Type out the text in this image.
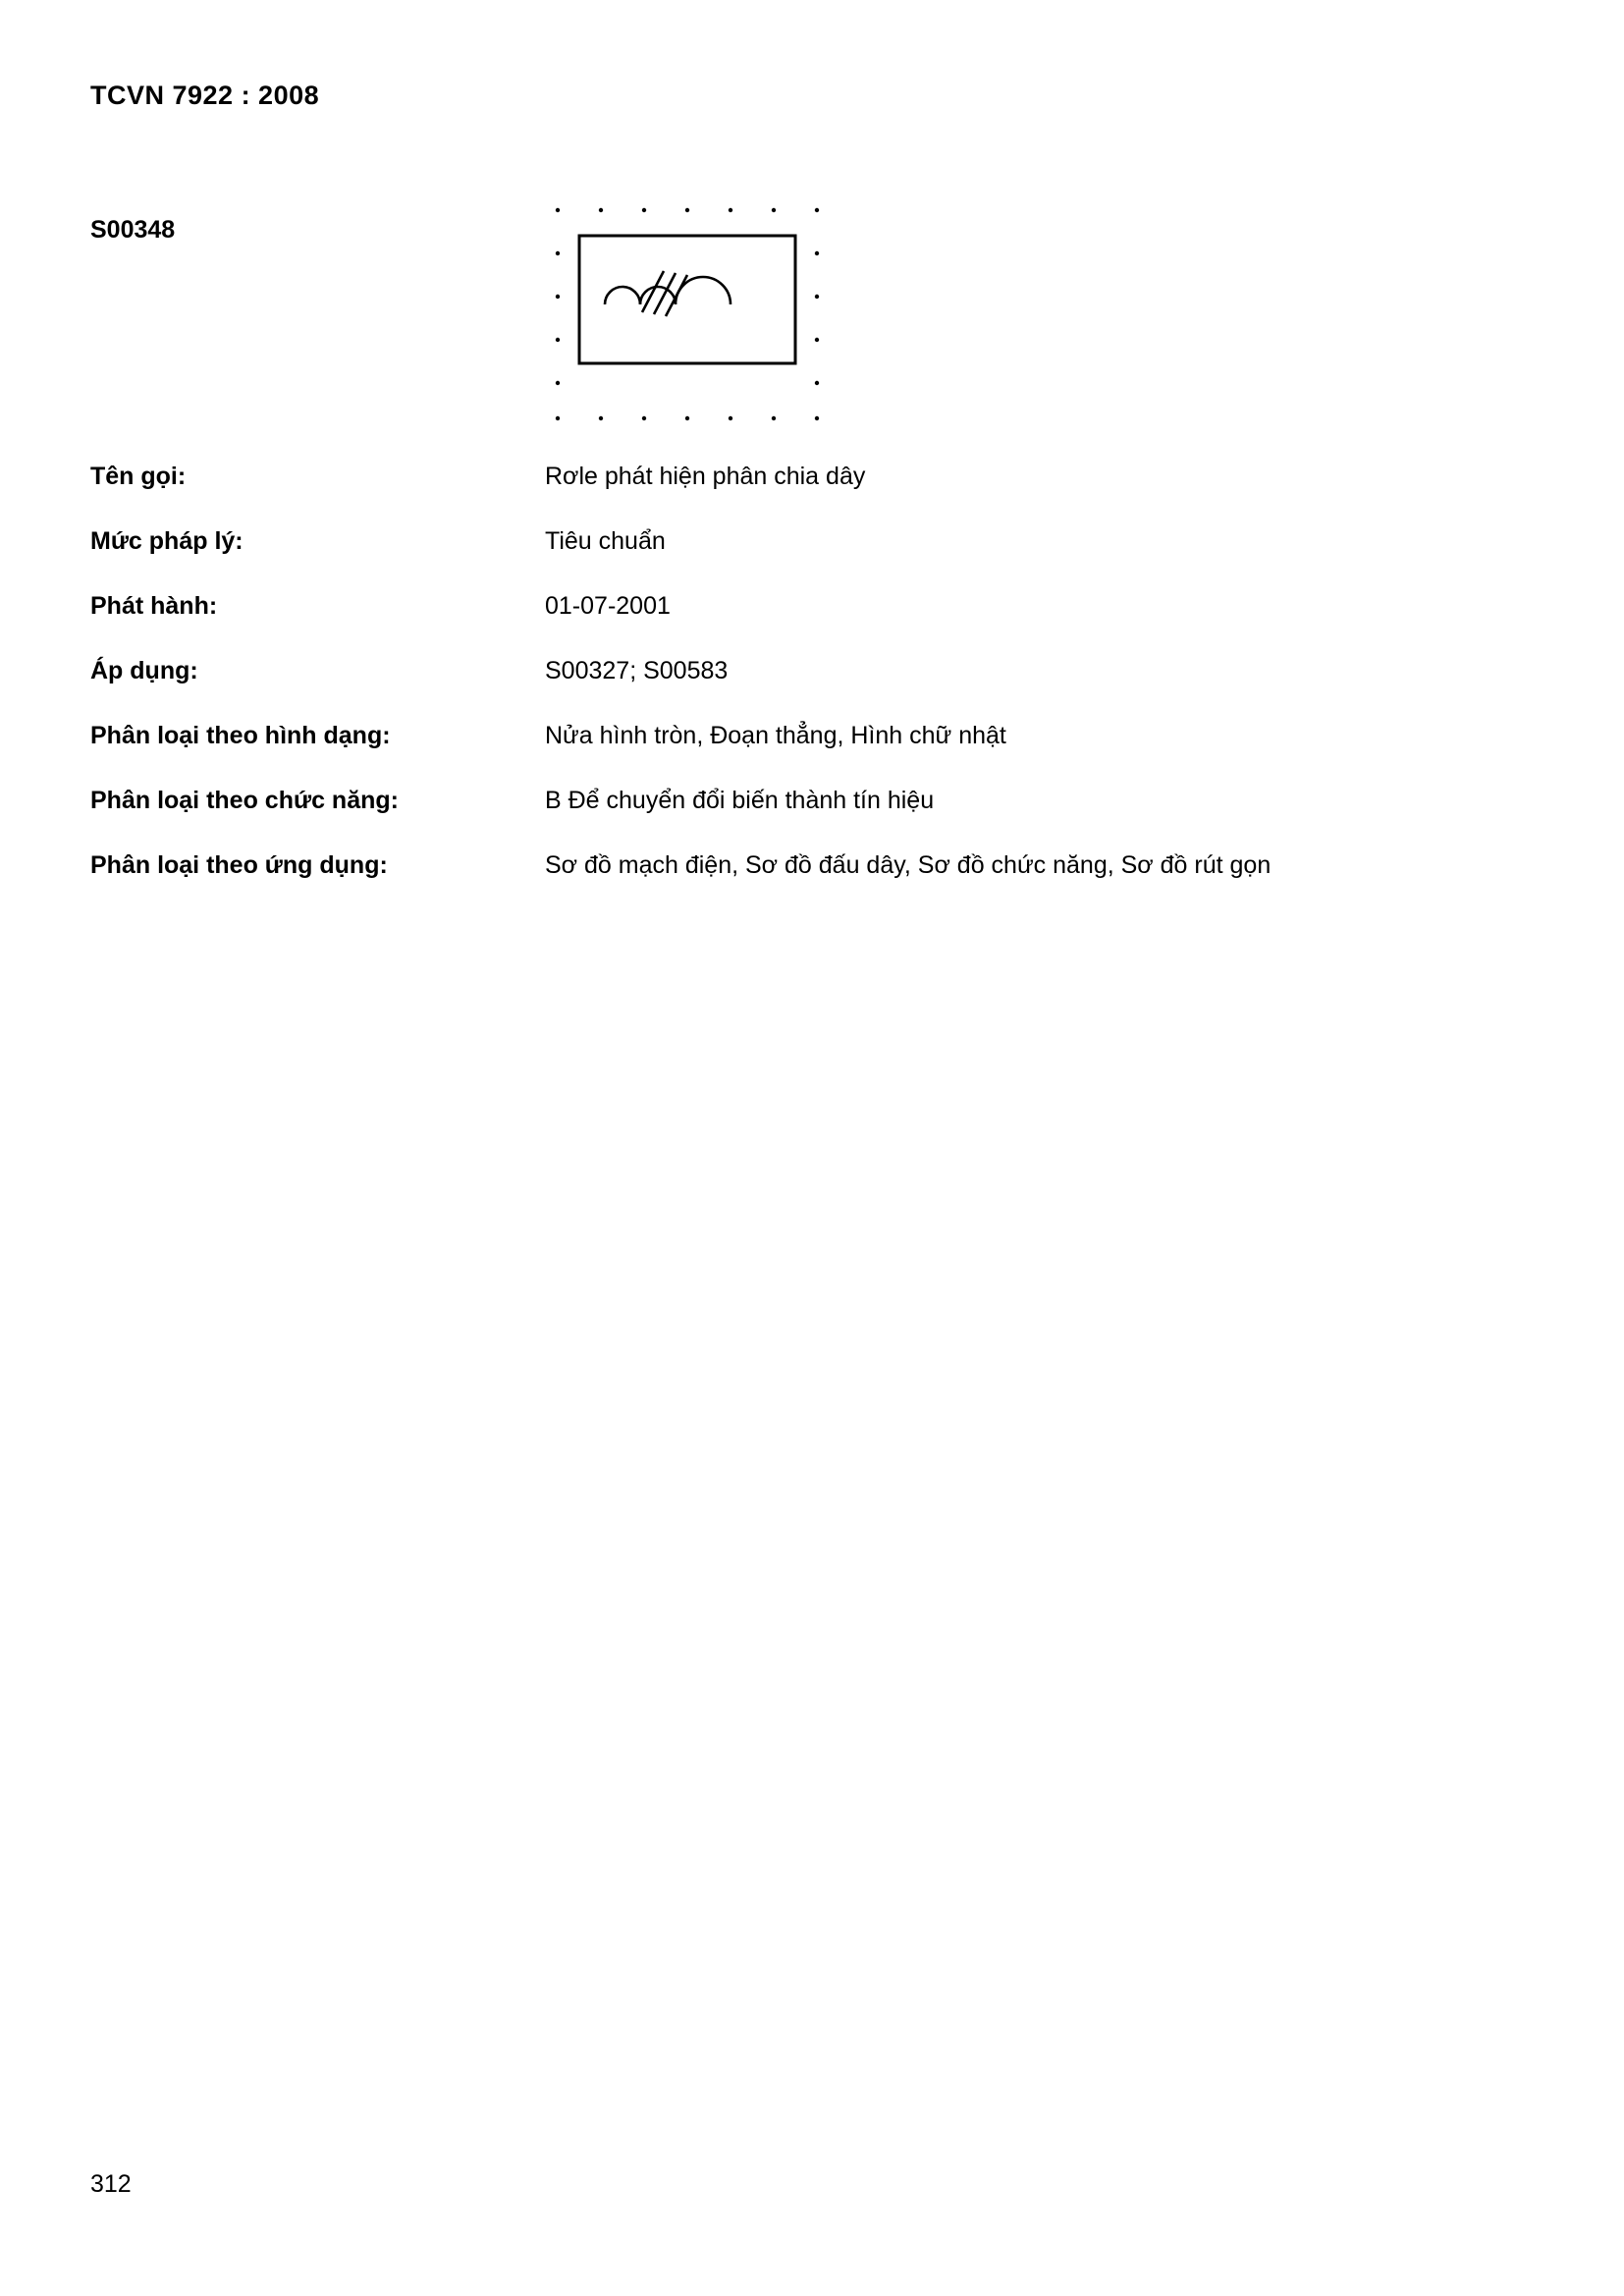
TCVN 7922 : 2008
S00348
Tên gọi:	Rơle phát hiện phân chia dây
Mức pháp lý:	Tiêu chuẩn
Phát hành:	01-07-2001
Áp dụng:	S00327; S00583
Phân loại theo hình dạng:	Nửa hình tròn, Đoạn thẳng, Hình chữ nhật
Phân loại theo chức năng:	B Để chuyển đổi biến thành tín hiệu
Phân loại theo ứng dụng:	Sơ đồ mạch điện, Sơ đồ đấu dây, Sơ đồ chức năng, Sơ đồ rút gọn
312
